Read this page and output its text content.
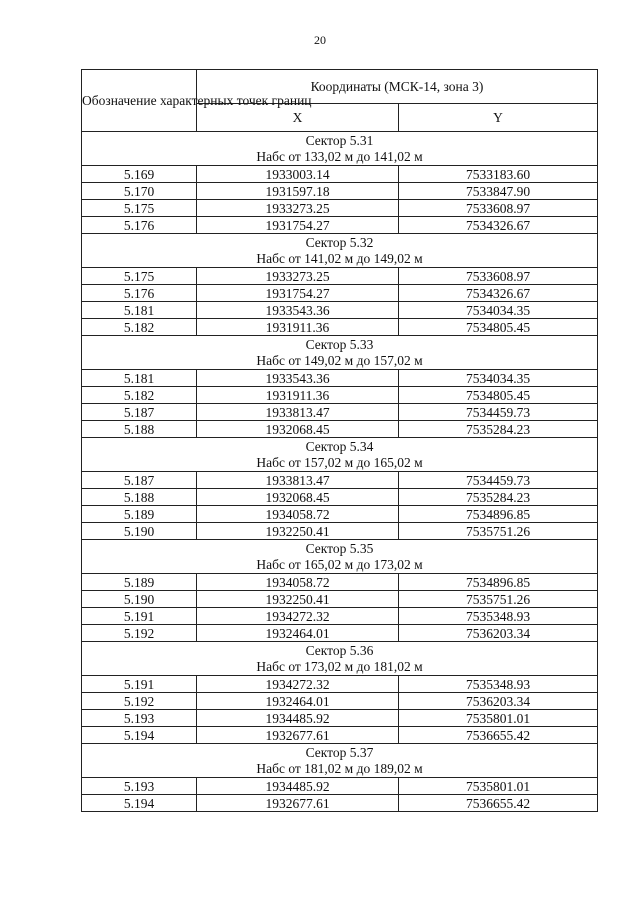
20
Обозначение характерных точек границ	Координаты (МСК-14, зона 3)	
	X	Y

Сектор 5.31
Набс от 133,02 м до 141,02 м		

5.169	1933003.14	7533183.60
5.170	1931597.18	7533847.90
5.175	1933273.25	7533608.97
5.176	1931754.27	7534326.67

Сектор 5.32
Набс от 141,02 м до 149,02 м		

5.175	1933273.25	7533608.97
5.176	1931754.27	7534326.67
5.181	1933543.36	7534034.35
5.182	1931911.36	7534805.45

Сектор 5.33
Набс от 149,02 м до 157,02 м		

5.181	1933543.36	7534034.35
5.182	1931911.36	7534805.45
5.187	1933813.47	7534459.73
5.188	1932068.45	7535284.23

Сектор 5.34
Набс от 157,02 м до 165,02 м		

5.187	1933813.47	7534459.73
5.188	1932068.45	7535284.23
5.189	1934058.72	7534896.85
5.190	1932250.41	7535751.26

Сектор 5.35
Набс от 165,02 м до 173,02 м		

5.189	1934058.72	7534896.85
5.190	1932250.41	7535751.26
5.191	1934272.32	7535348.93
5.192	1932464.01	7536203.34

Сектор 5.36
Набс от 173,02 м до 181,02 м		

5.191	1934272.32	7535348.93
5.192	1932464.01	7536203.34
5.193	1934485.92	7535801.01
5.194	1932677.61	7536655.42

Сектор 5.37
Набс от 181,02 м до 189,02 м		

5.193	1934485.92	7535801.01
5.194	1932677.61	7536655.42
